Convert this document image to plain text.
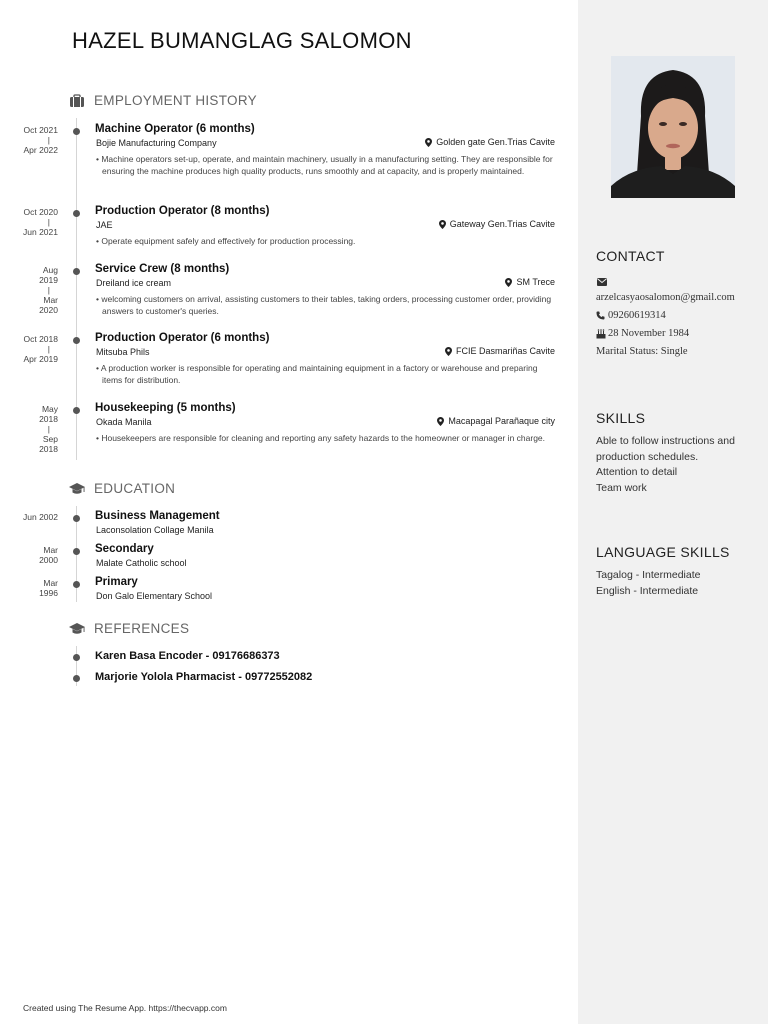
HAZEL BUMANGLAG SALOMON
EMPLOYMENT HISTORY
Oct 2021
|
Apr 2022
Machine Operator (6 months)
Bojie Manufacturing Company	Golden gate Gen.Trias Cavite
• Machine operators set-up, operate, and maintain machinery, usually in a manufacturing setting. They are responsible for ensuring the machine produces high quality products, runs smoothly and at capacity, and is properly maintained.
Oct 2020
|
Jun 2021
Production Operator (8 months)
JAE	Gateway Gen.Trias Cavite
• Operate equipment safely and effectively for production processing.
Aug
2019
|
Mar
2020
Service Crew (8 months)
Dreiland ice cream	SM Trece
• welcoming customers on arrival, assisting customers to their tables, taking orders, processing customer order, providing answers to customer's queries.
Oct 2018
|
Apr 2019
Production Operator (6 months)
Mitsuba Phils	FCIE Dasmariñas Cavite
• A production worker is responsible for operating and maintaining equipment in a factory or warehouse and preparing items for distribution.
May
2018
|
Sep
2018
Housekeeping (5 months)
Okada Manila	Macapagal Parañaque city
• Housekeepers are responsible for cleaning and reporting any safety hazards to the homeowner or manager in charge.
EDUCATION
Jun 2002	Business Management
Laconsolation Collage Manila
Mar
2000
Secondary
Malate Catholic school
Mar
1996
Primary
Don Galo Elementary School
REFERENCES
Karen Basa Encoder - 09176686373
Marjorie Yolola Pharmacist - 09772552082
CONTACT
arzelcasyaosalomon@gmail.com
09260619314
28 November 1984
Marital Status: Single
SKILLS
Able to follow instructions and production schedules.
Attention to detail
Team work
LANGUAGE SKILLS
Tagalog - Intermediate
English - Intermediate
Created using The Resume App. https://thecvapp.com
